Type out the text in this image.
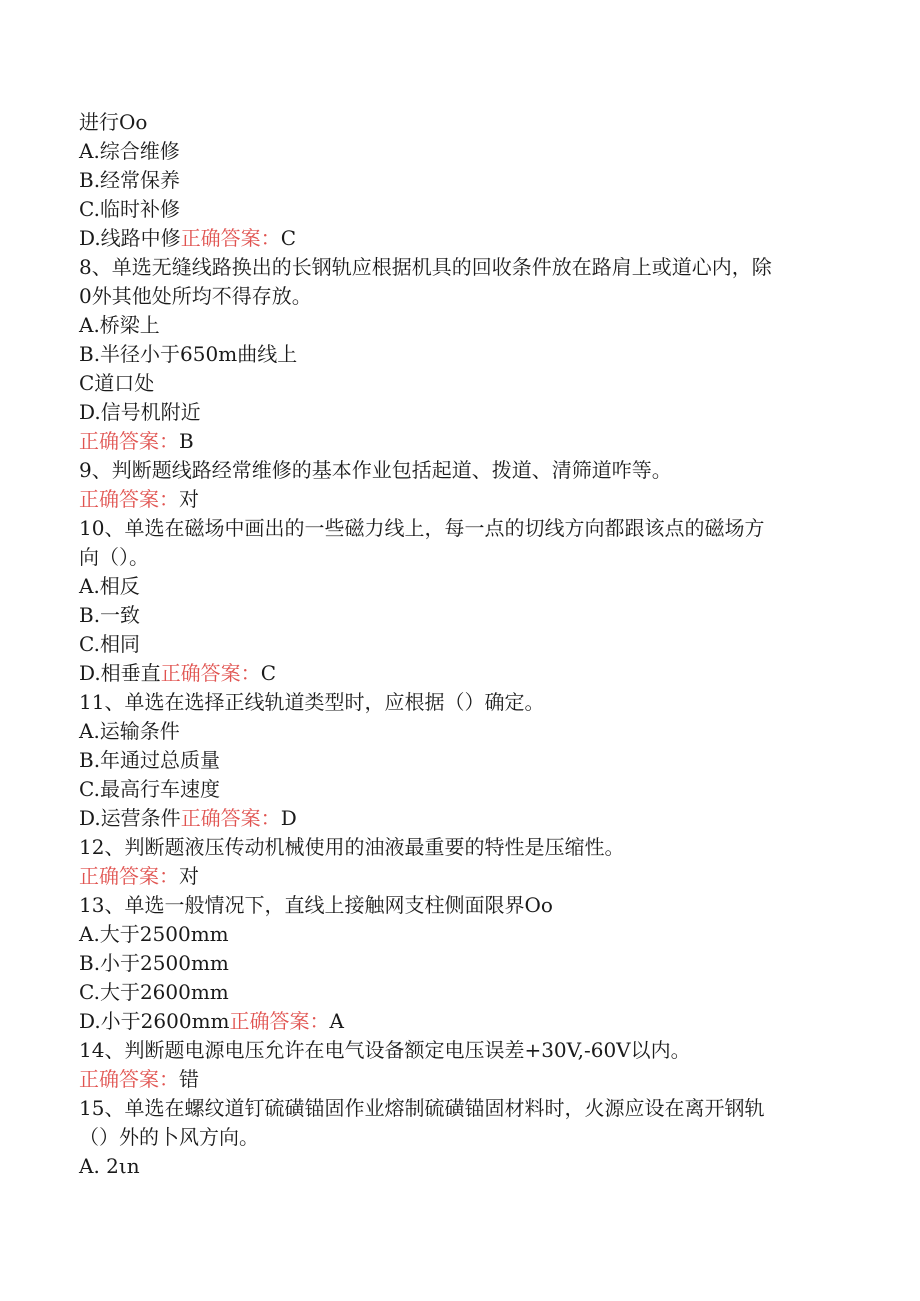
进行Oo
A.综合维修
B.经常保养
C.临时补修
D.线路中修正确答案：C
8、单选无缝线路换出的长钢轨应根据机具的回收条件放在路肩上或道心内，除
0外其他处所均不得存放。
A.桥梁上
B.半径小于650m曲线上
C道口处
D.信号机附近
正确答案：B
9、判断题线路经常维修的基本作业包括起道、拨道、清筛道咋等。
正确答案：对
10、单选在磁场中画出的一些磁力线上，每一点的切线方向都跟该点的磁场方
向（）。
A.相反
B.一致
C.相同
D.相垂直正确答案：C
11、单选在选择正线轨道类型时，应根据（）确定。
A.运输条件
B.年通过总质量
C.最高行车速度
D.运营条件正确答案：D
12、判断题液压传动机械使用的油液最重要的特性是压缩性。
正确答案：对
13、单选一般情况下，直线上接触网支柱侧面限界Oo
A.大于2500mm
B.小于2500mm
C.大于2600mm
D.小于2600mm正确答案：A
14、判断题电源电压允许在电气设备额定电压误差+30V,-60V以内。
正确答案：错
15、单选在螺纹道钉硫磺锚固作业熔制硫磺锚固材料时，火源应设在离开钢轨
（）外的卜风方向。
A. 2ιn
